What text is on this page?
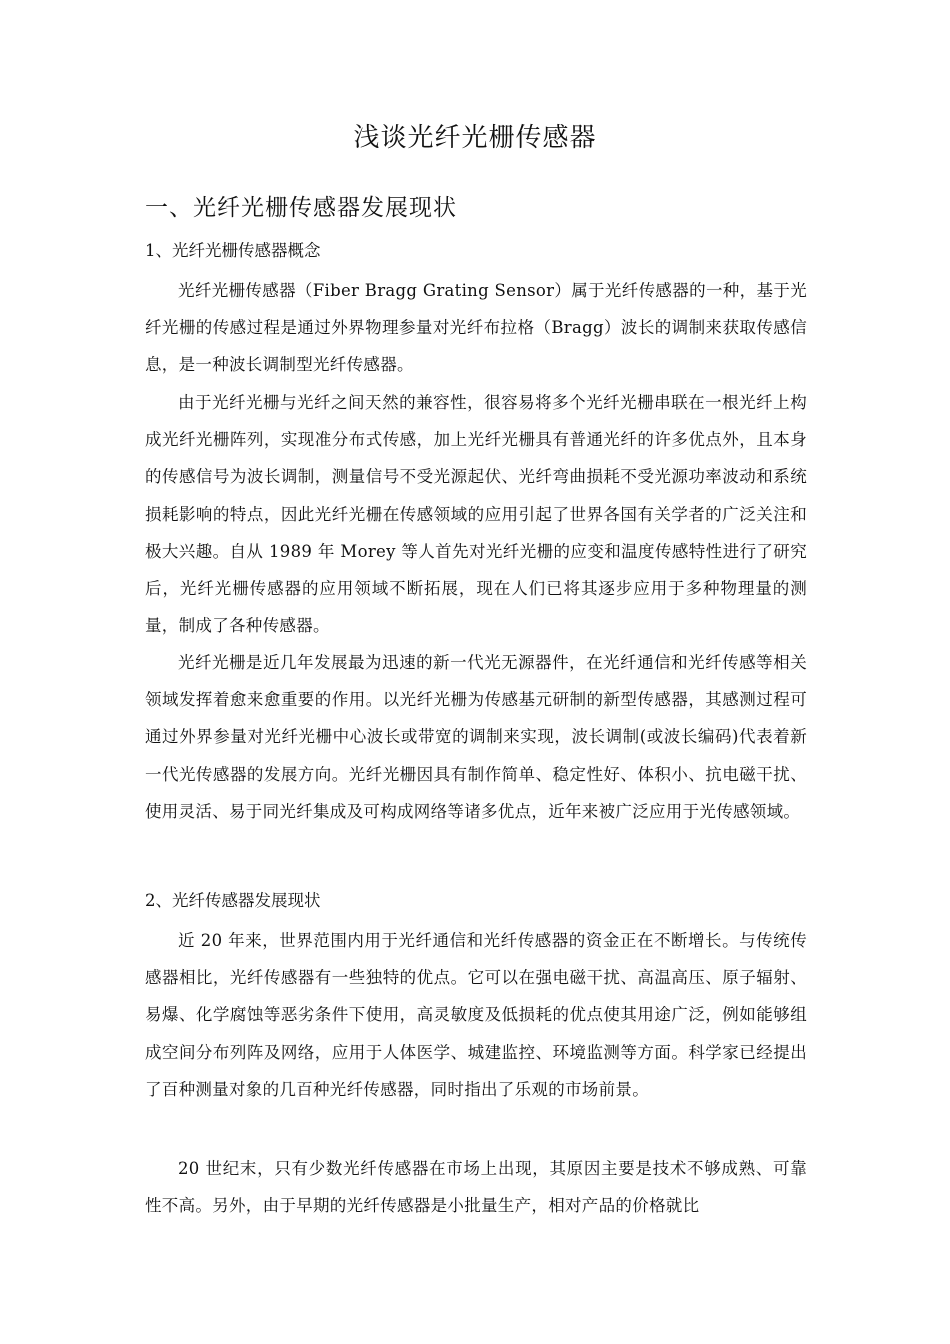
浅谈光纤光栅传感器
一、光纤光栅传感器发展现状
1、光纤光栅传感器概念
光纤光栅传感器（Fiber Bragg Grating Sensor）属于光纤传感器的一种，基于光纤光栅的传感过程是通过外界物理参量对光纤布拉格（Bragg）波长的调制来获取传感信息，是一种波长调制型光纤传感器。
由于光纤光栅与光纤之间天然的兼容性，很容易将多个光纤光栅串联在一根光纤上构成光纤光栅阵列，实现准分布式传感，加上光纤光栅具有普通光纤的许多优点外，且本身的传感信号为波长调制，测量信号不受光源起伏、光纤弯曲损耗不受光源功率波动和系统损耗影响的特点，因此光纤光栅在传感领域的应用引起了世界各国有关学者的广泛关注和极大兴趣。自从 1989 年 Morey 等人首先对光纤光栅的应变和温度传感特性进行了研究后，光纤光栅传感器的应用领域不断拓展，现在人们已将其逐步应用于多种物理量的测量，制成了各种传感器。
光纤光栅是近几年发展最为迅速的新一代光无源器件，在光纤通信和光纤传感等相关领域发挥着愈来愈重要的作用。以光纤光栅为传感基元研制的新型传感器，其感测过程可通过外界参量对光纤光栅中心波长或带宽的调制来实现，波长调制(或波长编码)代表着新一代光传感器的发展方向。光纤光栅因具有制作简单、稳定性好、体积小、抗电磁干扰、使用灵活、易于同光纤集成及可构成网络等诸多优点，近年来被广泛应用于光传感领域。
2、光纤传感器发展现状
近 20 年来，世界范围内用于光纤通信和光纤传感器的资金正在不断增长。与传统传感器相比，光纤传感器有一些独特的优点。它可以在强电磁干扰、高温高压、原子辐射、易爆、化学腐蚀等恶劣条件下使用，高灵敏度及低损耗的优点使其用途广泛，例如能够组成空间分布列阵及网络，应用于人体医学、城建监控、环境监测等方面。科学家已经提出了百种测量对象的几百种光纤传感器，同时指出了乐观的市场前景。
20 世纪末，只有少数光纤传感器在市场上出现，其原因主要是技术不够成熟、可靠性不高。另外，由于早期的光纤传感器是小批量生产，相对产品的价格就比
